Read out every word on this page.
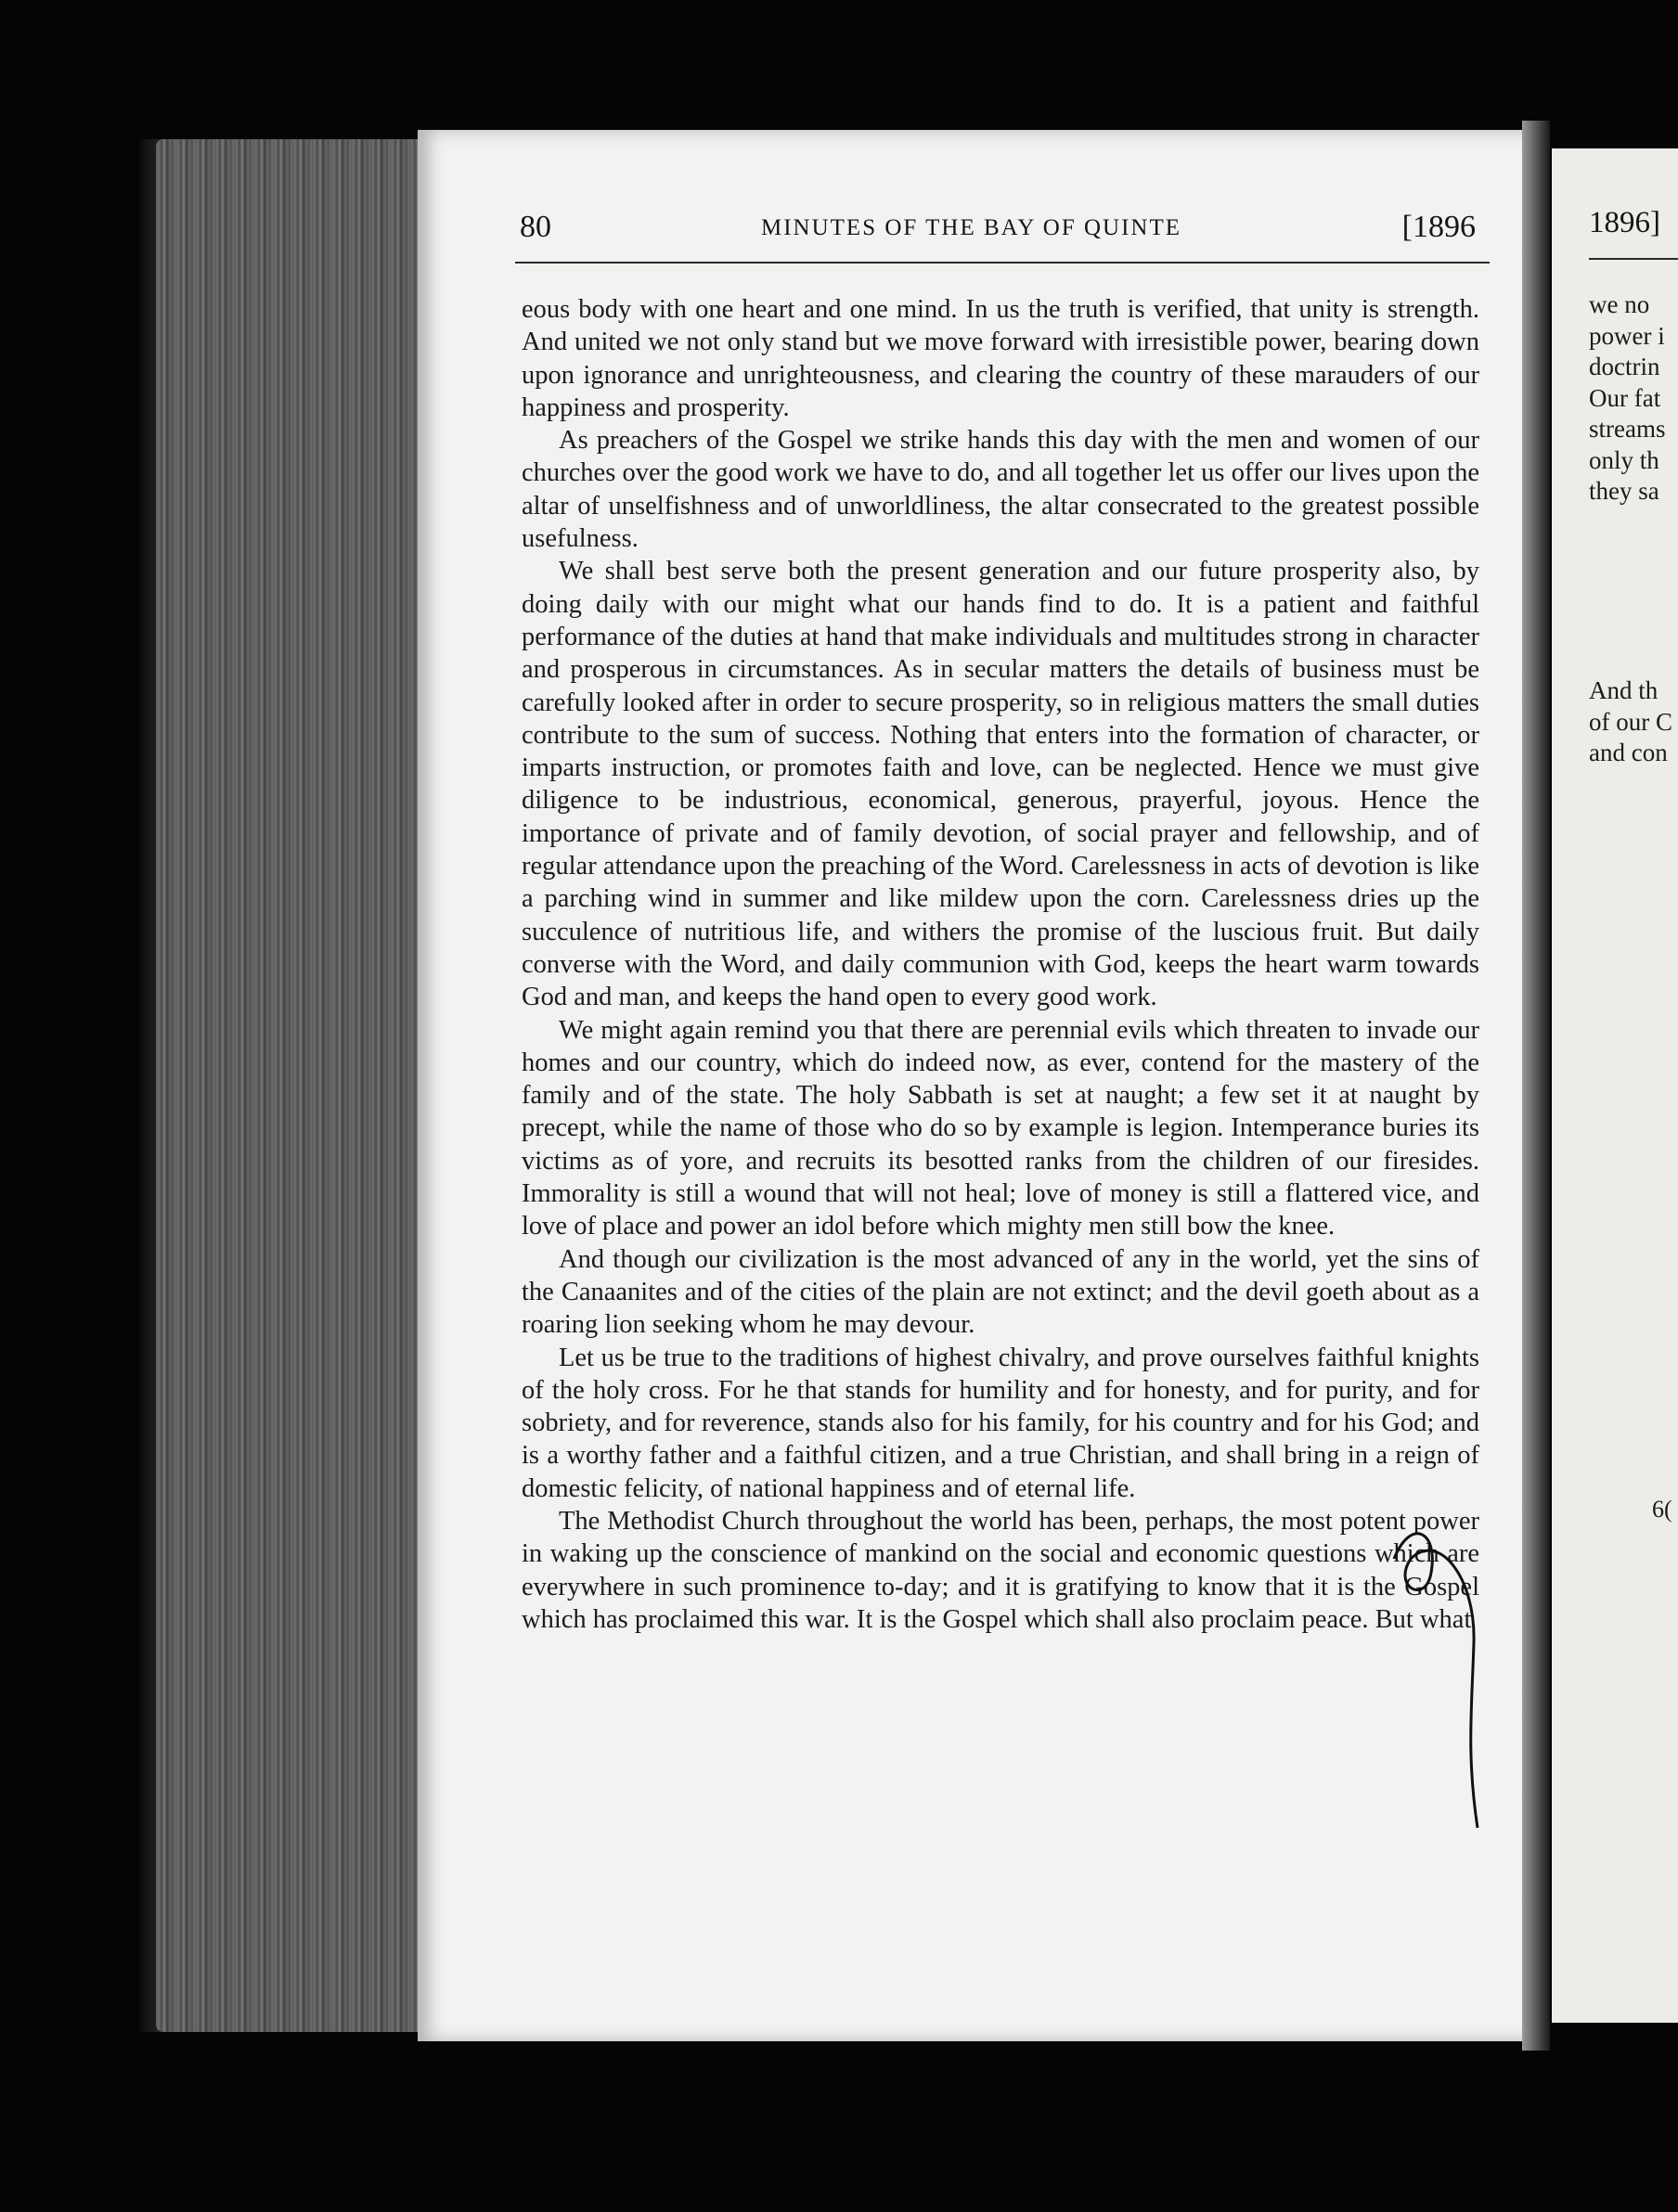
80	MINUTES OF THE BAY OF QUINTE	[1896

eous body with one heart and one mind. In us the truth is verified, that unity is strength. And united we not only stand but we move forward with irresistible power, bearing down upon ignorance and unrighteousness, and clearing the country of these marauders of our happiness and prosperity.

As preachers of the Gospel we strike hands this day with the men and women of our churches over the good work we have to do, and all together let us offer our lives upon the altar of unselfishness and of unworldliness, the altar consecrated to the greatest possible usefulness.

We shall best serve both the present generation and our future prosperity also, by doing daily with our might what our hands find to do. It is a patient and faithful performance of the duties at hand that make individuals and multitudes strong in character and prosperous in circumstances. As in secular matters the details of business must be carefully looked after in order to secure prosperity, so in religious matters the small duties contribute to the sum of success. Nothing that enters into the formation of character, or imparts instruction, or promotes faith and love, can be neglected. Hence we must give diligence to be industrious, economical, generous, prayerful, joyous. Hence the importance of private and of family devotion, of social prayer and fellowship, and of regular attendance upon the preaching of the Word. Carelessness in acts of devotion is like a parching wind in summer and like mildew upon the corn. Carelessness dries up the succulence of nutritious life, and withers the promise of the luscious fruit. But daily converse with the Word, and daily communion with God, keeps the heart warm towards God and man, and keeps the hand open to every good work.

We might again remind you that there are perennial evils which threaten to invade our homes and our country, which do indeed now, as ever, contend for the mastery of the family and of the state. The holy Sabbath is set at naught; a few set it at naught by precept, while the name of those who do so by example is legion. Intemperance buries its victims as of yore, and recruits its besotted ranks from the children of our firesides. Immorality is still a wound that will not heal; love of money is still a flattered vice, and love of place and power an idol before which mighty men still bow the knee.

And though our civilization is the most advanced of any in the world, yet the sins of the Canaanites and of the cities of the plain are not extinct; and the devil goeth about as a roaring lion seeking whom he may devour.

Let us be true to the traditions of highest chivalry, and prove ourselves faithful knights of the holy cross. For he that stands for humility and for honesty, and for purity, and for sobriety, and for reverence, stands also for his family, for his country and for his God; and is a worthy father and a faithful citizen, and a true Christian, and shall bring in a reign of domestic felicity, of national happiness and of eternal life.

The Methodist Church throughout the world has been, perhaps, the most potent power in waking up the conscience of mankind on the social and economic questions which are everywhere in such prominence to-day; and it is gratifying to know that it is the Gospel which has proclaimed this war. It is the Gospel which shall also proclaim peace. But what

1896]
we no
power i
doctrin
Our fat
streams
only th
they sa
And th
of our C
and con
6(
